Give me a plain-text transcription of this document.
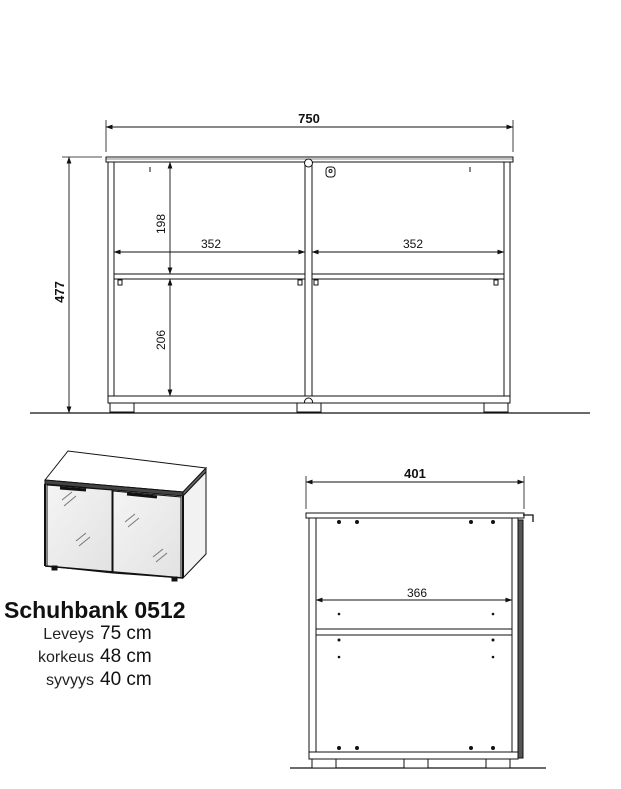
750
477
198
206
352	352
401
366
Schuhbank 0512
Leveys 75 cm
korkeus 48 cm
syvyys 40 cm
